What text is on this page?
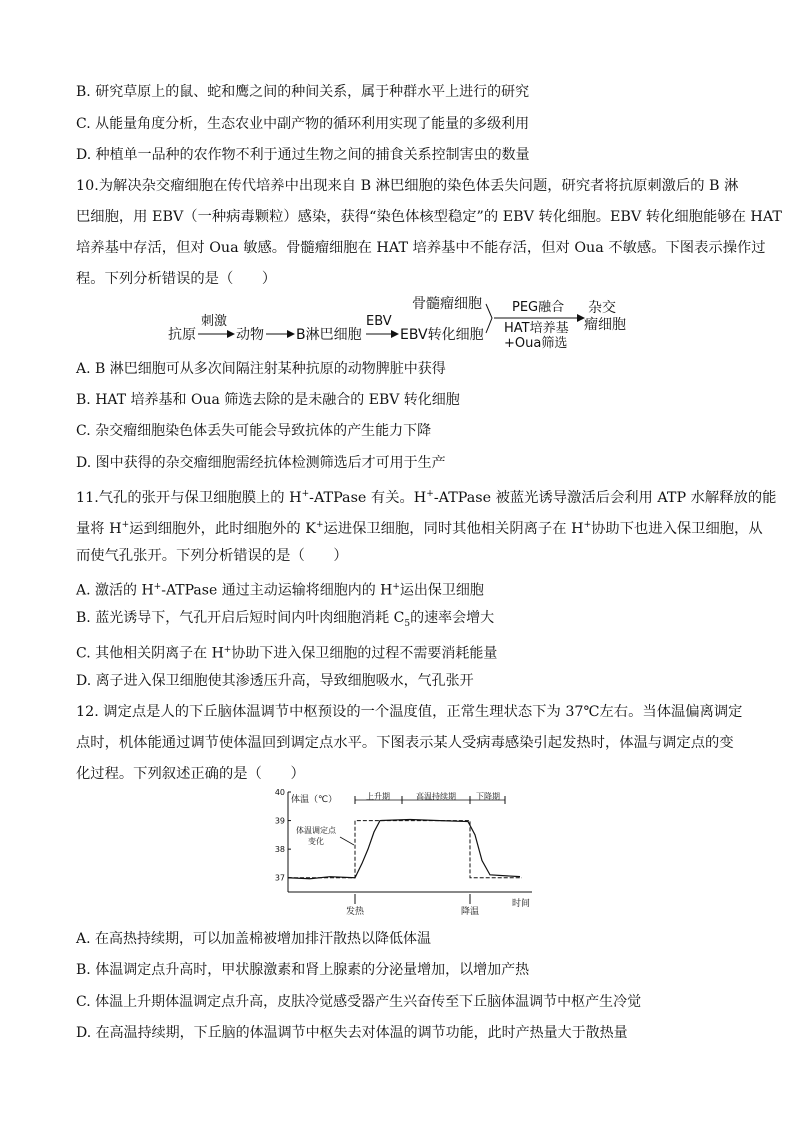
B. 研究草原上的鼠、蛇和鹰之间的种间关系，属于种群水平上进行的研究
C. 从能量角度分析，生态农业中副产物的循环利用实现了能量的多级利用
D. 种植单一品种的农作物不利于通过生物之间的捕食关系控制害虫的数量
10.为解决杂交瘤细胞在传代培养中出现来自 B 淋巴细胞的染色体丢失问题，研究者将抗原刺激后的 B 淋
巴细胞，用 EBV（一种病毒颗粒）感染，获得“染色体核型稳定”的 EBV 转化细胞。EBV 转化细胞能够在 HAT
培养基中存活，但对 Oua 敏感。骨髓瘤细胞在 HAT 培养基中不能存活，但对 Oua 不敏感。下图表示操作过
程。下列分析错误的是（　　）
抗原
刺激
动物 B淋巴细胞
EBV
EBV转化细胞
骨髓瘤细胞 PEG融合
HAT培养基
+Oua筛选
杂交
瘤细胞
A. B 淋巴细胞可从多次间隔注射某种抗原的动物脾脏中获得
B. HAT 培养基和 Oua 筛选去除的是未融合的 EBV 转化细胞
C. 杂交瘤细胞染色体丢失可能会导致抗体的产生能力下降
D. 图中获得的杂交瘤细胞需经抗体检测筛选后才可用于生产
11.气孔的张开与保卫细胞膜上的 H+-ATPase 有关。H+-ATPase 被蓝光诱导激活后会利用 ATP 水解释放的能
量将 H+运到细胞外，此时细胞外的 K+运进保卫细胞，同时其他相关阴离子在 H+协助下也进入保卫细胞，从
而使气孔张开。下列分析错误的是（　　）
A. 激活的 H+-ATPase 通过主动运输将细胞内的 H+运出保卫细胞
B. 蓝光诱导下，气孔开启后短时间内叶肉细胞消耗 $C_5$的速率会增大
C. 其他相关阴离子在 H+协助下进入保卫细胞的过程不需要消耗能量
D. 离子进入保卫细胞使其渗透压升高，导致细胞吸水，气孔张开
12. 调定点是人的下丘脑体温调节中枢预设的一个温度值，正常生理状态下为 37℃左右。当体温偏离调定
点时，机体能通过调节使体温回到调定点水平。下图表示某人受病毒感染引起发热时，体温与调定点的变
化过程。下列叙述正确的是（　　）
40
39
38
37
体温（℃）
时间
上升期	高温持续期	下降期
体温调定点
变化
发热	降温
A. 在高热持续期，可以加盖棉被增加排汗散热以降低体温
B. 体温调定点升高时，甲状腺激素和肾上腺素的分泌量增加，以增加产热
C. 体温上升期体温调定点升高，皮肤冷觉感受器产生兴奋传至下丘脑体温调节中枢产生冷觉
D. 在高温持续期，下丘脑的体温调节中枢失去对体温的调节功能，此时产热量大于散热量
